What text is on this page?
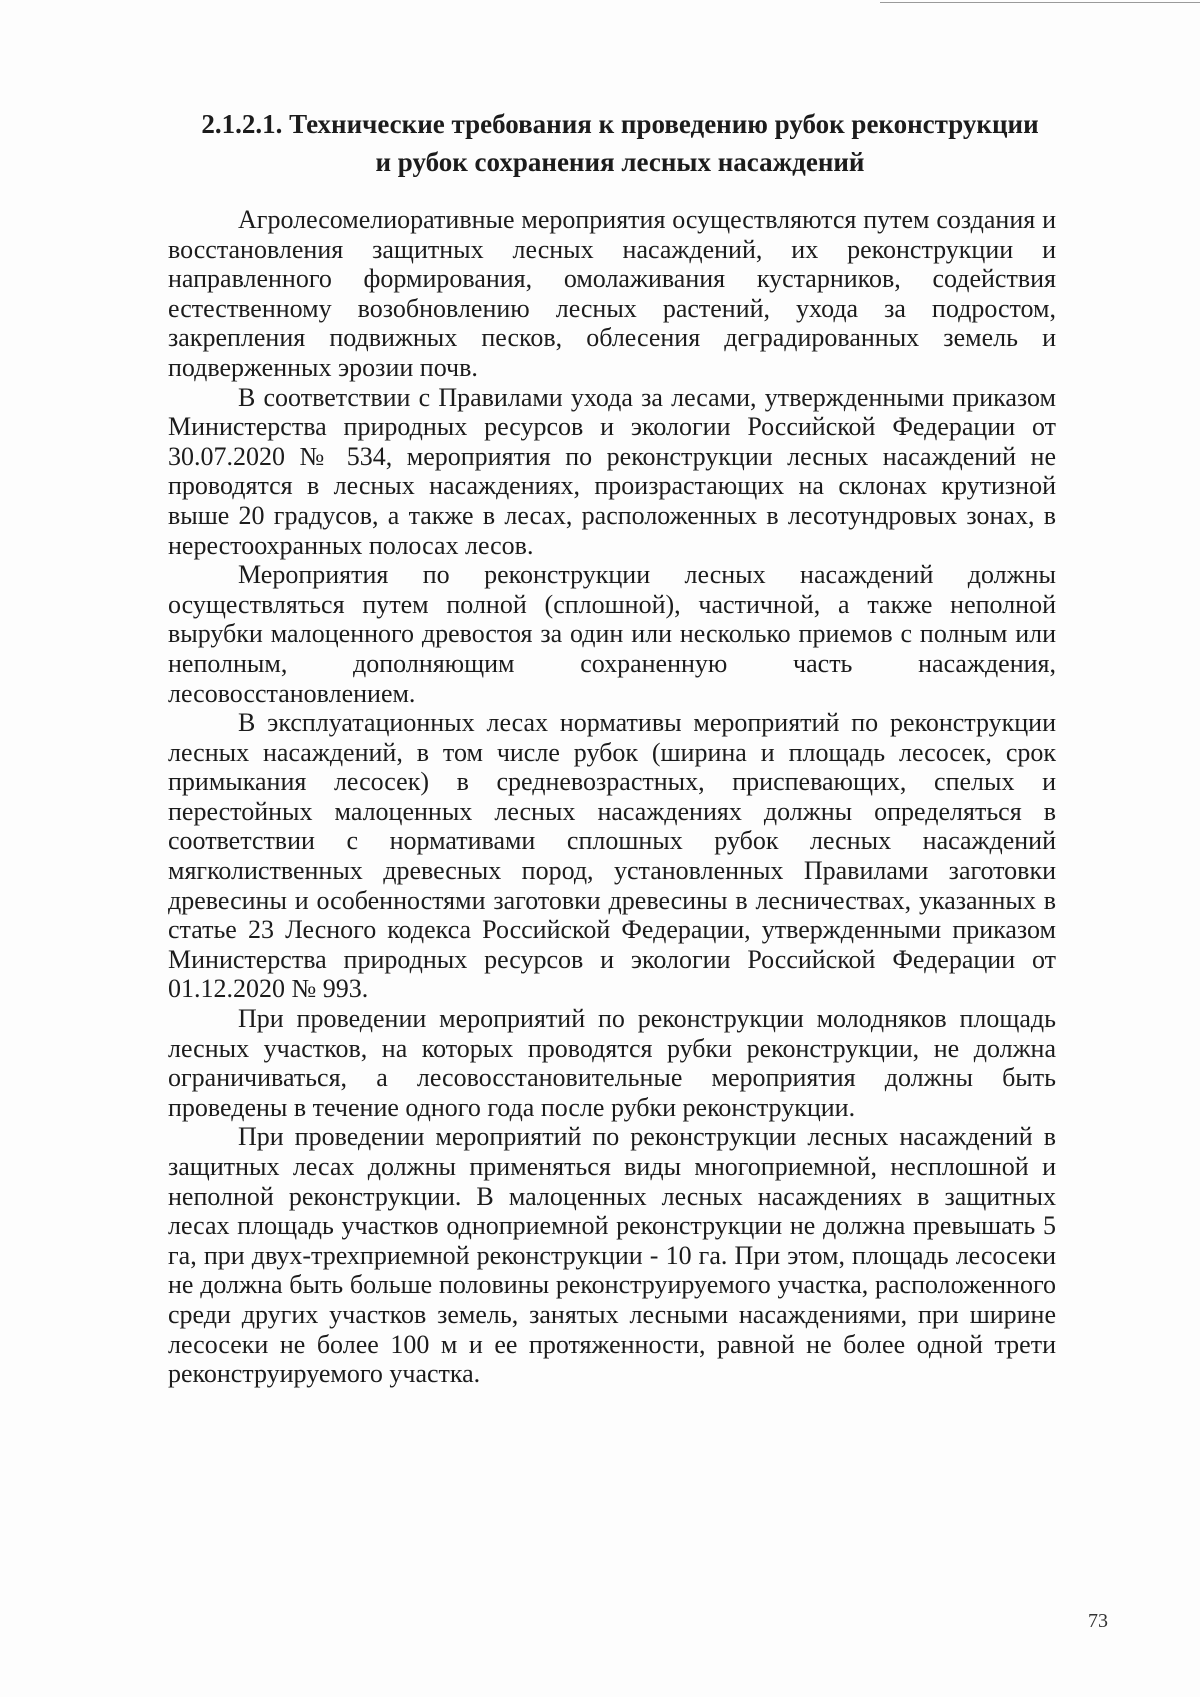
2.1.2.1. Технические требования к проведению рубок реконструкции
и рубок сохранения лесных насаждений

Агролесомелиоративные мероприятия осуществляются путем создания и восстановления защитных лесных насаждений, их реконструкции и направленного формирования, омолаживания кустарников, содействия естественному возобновлению лесных растений, ухода за подростом, закрепления подвижных песков, облесения деградированных земель и подверженных эрозии почв.

В соответствии с Правилами ухода за лесами, утвержденными приказом Министерства природных ресурсов и экологии Российской Федерации от 30.07.2020 № 534, мероприятия по реконструкции лесных насаждений не проводятся в лесных насаждениях, произрастающих на склонах крутизной выше 20 градусов, а также в лесах, расположенных в лесотундровых зонах, в нерестоохранных полосах лесов.

Мероприятия по реконструкции лесных насаждений должны осуществляться путем полной (сплошной), частичной, а также неполной вырубки малоценного древостоя за один или несколько приемов с полным или неполным, дополняющим сохраненную часть насаждения, лесовосстановлением.

В эксплуатационных лесах нормативы мероприятий по реконструкции лесных насаждений, в том числе рубок (ширина и площадь лесосек, срок примыкания лесосек) в средневозрастных, приспевающих, спелых и перестойных малоценных лесных насаждениях должны определяться в соответствии с нормативами сплошных рубок лесных насаждений мягколиственных древесных пород, установленных Правилами заготовки древесины и особенностями заготовки древесины в лесничествах, указанных в статье 23 Лесного кодекса Российской Федерации, утвержденными приказом Министерства природных ресурсов и экологии Российской Федерации от 01.12.2020 № 993.

При проведении мероприятий по реконструкции молодняков площадь лесных участков, на которых проводятся рубки реконструкции, не должна ограничиваться, а лесовосстановительные мероприятия должны быть проведены в течение одного года после рубки реконструкции.

При проведении мероприятий по реконструкции лесных насаждений в защитных лесах должны применяться виды многоприемной, несплошной и неполной реконструкции. В малоценных лесных насаждениях в защитных лесах площадь участков одноприемной реконструкции не должна превышать 5 га, при двух-трехприемной реконструкции - 10 га. При этом, площадь лесосеки не должна быть больше половины реконструируемого участка, расположенного среди других участков земель, занятых лесными насаждениями, при ширине лесосеки не более 100 м и ее протяженности, равной не более одной трети реконструируемого участка.

73
